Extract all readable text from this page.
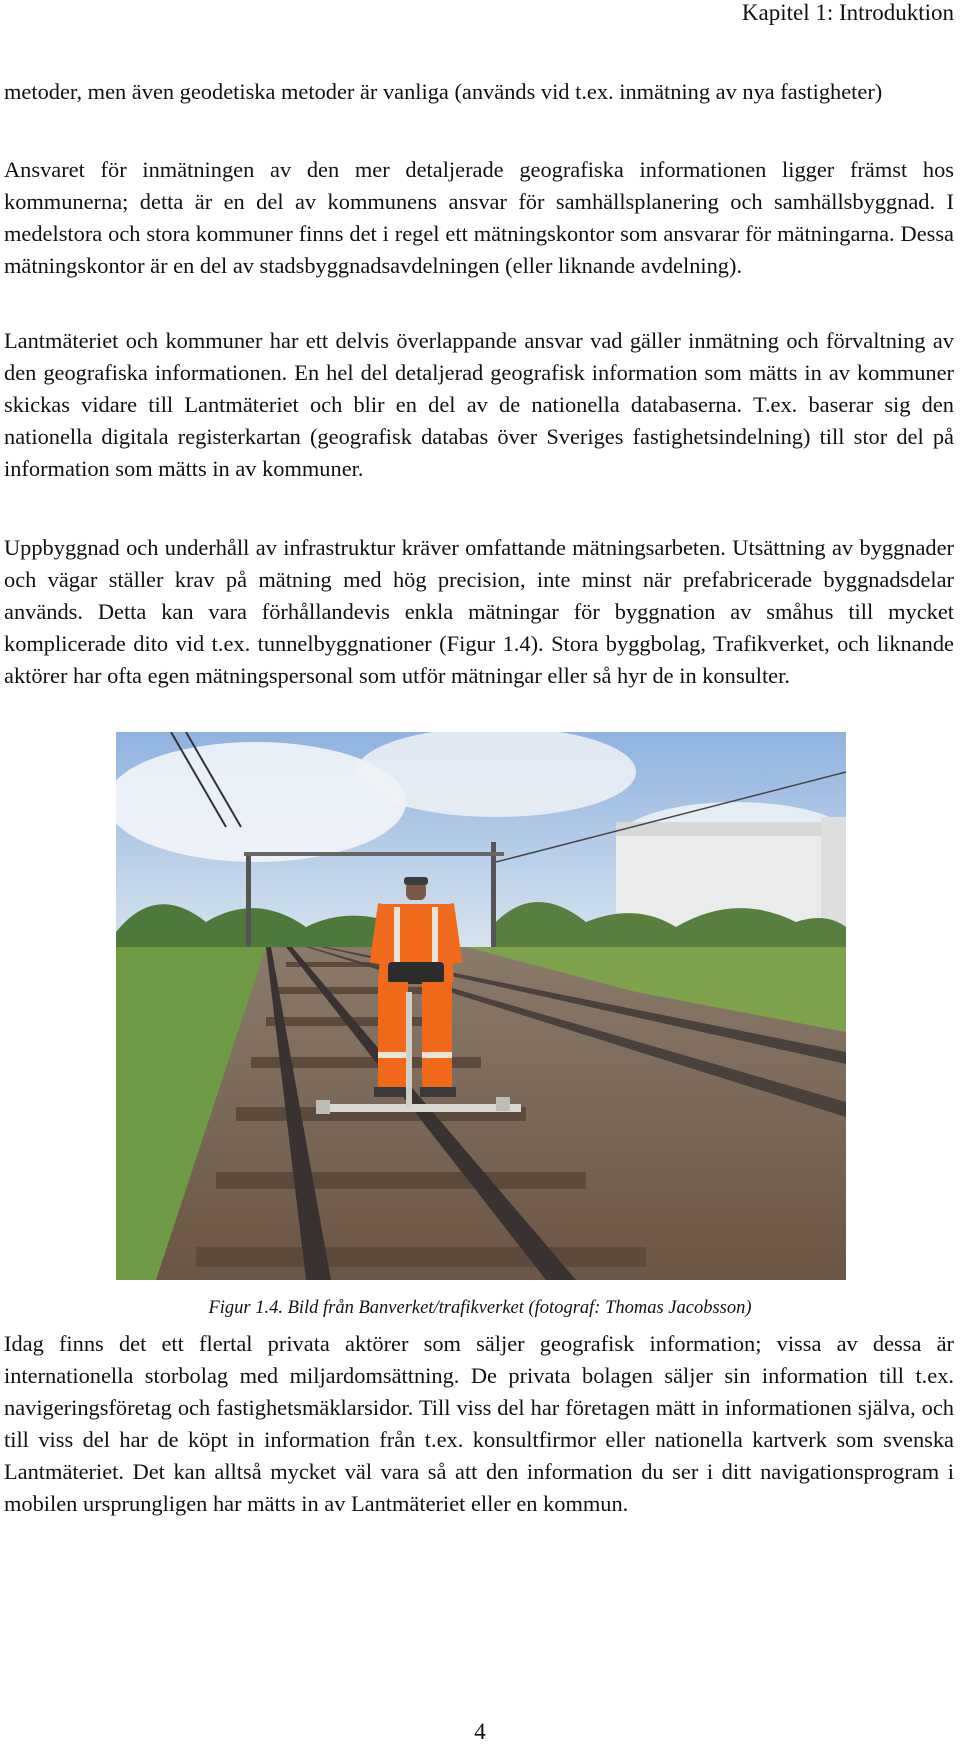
Kapitel 1: Introduktion

metoder, men även geodetiska metoder är vanliga (används vid t.ex. inmätning av nya fastigheter)

Ansvaret för inmätningen av den mer detaljerade geografiska informationen ligger främst hos kommunerna; detta är en del av kommunens ansvar för samhällsplanering och samhällsbyggnad. I medelstora och stora kommuner finns det i regel ett mätningskontor som ansvarar för mätningarna. Dessa mätningskontor är en del av stadsbyggnadsavdelningen (eller liknande avdelning).

Lantmäteriet och kommuner har ett delvis överlappande ansvar vad gäller inmätning och förvaltning av den geografiska informationen. En hel del detaljerad geografisk information som mätts in av kommuner skickas vidare till Lantmäteriet och blir en del av de nationella databaserna. T.ex. baserar sig den nationella digitala registerkartan (geografisk databas över Sveriges fastighetsindelning) till stor del på information som mätts in av kommuner.

Uppbyggnad och underhåll av infrastruktur kräver omfattande mätningsarbeten. Utsättning av byggnader och vägar ställer krav på mätning med hög precision, inte minst när prefabricerade byggnadsdelar används. Detta kan vara förhållandevis enkla mätningar för byggnation av småhus till mycket komplicerade dito vid t.ex. tunnelbyggnationer (Figur 1.4). Stora byggbolag, Trafikverket, och liknande aktörer har ofta egen mätningspersonal som utför mätningar eller så hyr de in konsulter.

Figur 1.4. Bild från Banverket/trafikverket (fotograf: Thomas Jacobsson)

Idag finns det ett flertal privata aktörer som säljer geografisk information; vissa av dessa är internationella storbolag med miljardomsättning. De privata bolagen säljer sin information till t.ex. navigeringsföretag och fastighetsmäklarsidor. Till viss del har företagen mätt in informationen själva, och till viss del har de köpt in information från t.ex. konsultfirmor eller nationella kartverk som svenska Lantmäteriet. Det kan alltså mycket väl vara så att den information du ser i ditt navigationsprogram i mobilen ursprungligen har mätts in av Lantmäteriet eller en kommun.

4
